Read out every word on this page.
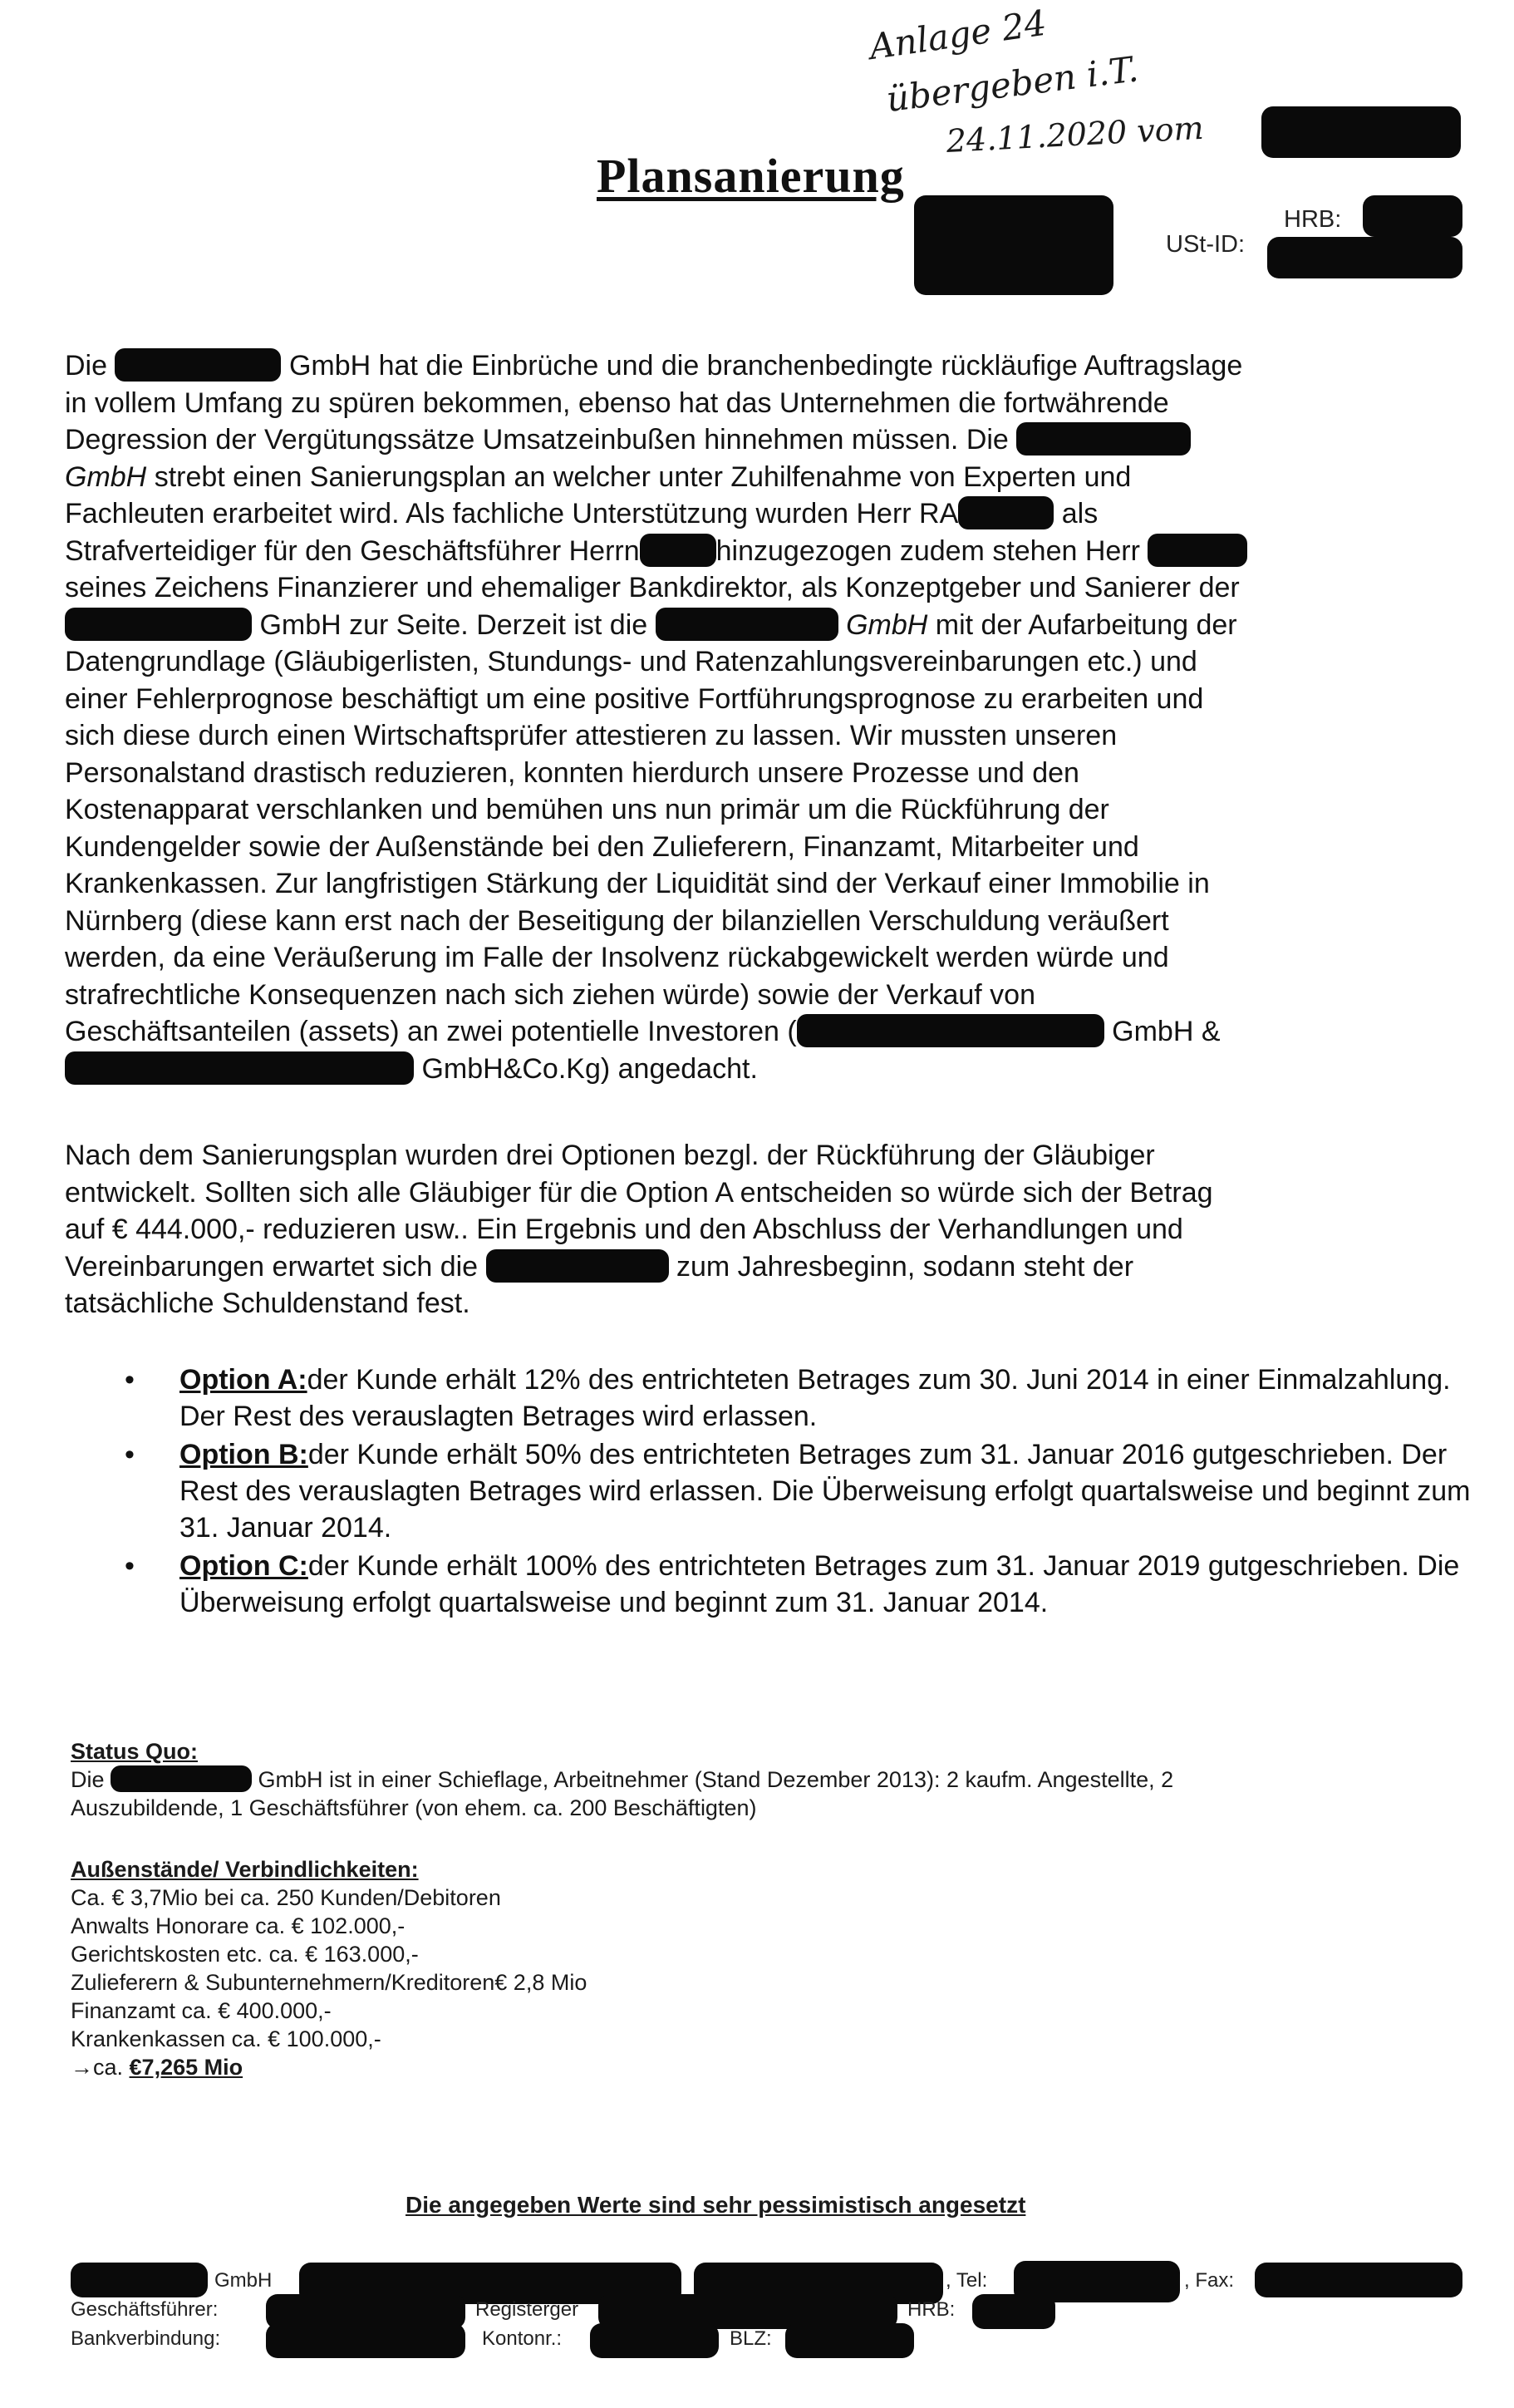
Anlage 24
übergeben i.T.
24.11.2020 vom
Plansanierung
HRB:
USt-ID:

Die	GmbH hat die Einbrüche und die branchenbedingte rückläufige Auftragslage

in vollem Umfang zu spüren bekommen, ebenso hat das Unternehmen die fortwährende

Degression der Vergütungssätze Umsatzeinbußen hinnehmen müssen. Die

GmbH strebt einen Sanierungsplan an welcher unter Zuhilfenahme von Experten und

Fachleuten erarbeitet wird. Als fachliche Unterstützung wurden Herr RA	als

Strafverteidiger für den Geschäftsführer Herrn	hinzugezogen zudem stehen Herr

seines Zeichens Finanzierer und ehemaliger Bankdirektor, als Konzeptgeber und Sanierer der

GmbH zur Seite. Derzeit ist die	GmbH mit der Aufarbeitung der

Datengrundlage (Gläubigerlisten, Stundungs- und Ratenzahlungsvereinbarungen etc.) und

einer Fehlerprognose beschäftigt um eine positive Fortführungsprognose zu erarbeiten und

sich diese durch einen Wirtschaftsprüfer attestieren zu lassen. Wir mussten unseren

Personalstand drastisch reduzieren, konnten hierdurch unsere Prozesse und den

Kostenapparat verschlanken und bemühen uns nun primär um die Rückführung der

Kundengelder sowie der Außenstände bei den Zulieferern, Finanzamt, Mitarbeiter und

Krankenkassen. Zur langfristigen Stärkung der Liquidität sind der Verkauf einer Immobilie in

Nürnberg (diese kann erst nach der Beseitigung der bilanziellen Verschuldung veräußert

werden, da eine Veräußerung im Falle der Insolvenz rückabgewickelt werden würde und

strafrechtliche Konsequenzen nach sich ziehen würde) sowie der Verkauf von

Geschäftsanteilen (assets) an zwei potentielle Investoren (	GmbH &

GmbH&Co.Kg) angedacht.

Nach dem Sanierungsplan wurden drei Optionen bezgl. der Rückführung der Gläubiger

entwickelt. Sollten sich alle Gläubiger für die Option A entscheiden so würde sich der Betrag

auf € 444.000,- reduzieren usw.. Ein Ergebnis und den Abschluss der Verhandlungen und

Vereinbarungen erwartet sich die	zum Jahresbeginn, sodann steht der

tatsächliche Schuldenstand fest.

• Option A:der Kunde erhält 12% des entrichteten Betrages zum 30. Juni 2014 in einer Einmalzahlung. Der Rest des verauslagten Betrages wird erlassen.
• Option B:der Kunde erhält 50% des entrichteten Betrages zum 31. Januar 2016 gutgeschrieben. Der Rest des verauslagten Betrages wird erlassen. Die Überweisung erfolgt quartalsweise und beginnt zum 31. Januar 2014.
• Option C:der Kunde erhält 100% des entrichteten Betrages zum 31. Januar 2019 gutgeschrieben. Die Überweisung erfolgt quartalsweise und beginnt zum 31. Januar 2014.
Status Quo:
Die	GmbH ist in einer Schieflage, Arbeitnehmer (Stand Dezember 2013): 2 kaufm. Angestellte, 2
Auszubildende, 1 Geschäftsführer (von ehem. ca. 200 Beschäftigten)
Außenstände/ Verbindlichkeiten:
Ca. € 3,7Mio bei ca. 250 Kunden/Debitoren
Anwalts Honorare ca. € 102.000,-
Gerichtskosten etc. ca. € 163.000,-
Zulieferern & Subunternehmern/Kreditoren€ 2,8 Mio
Finanzamt ca. € 400.000,-
Krankenkassen ca. € 100.000,-
→ca. €7,265 Mio
Die angegeben Werte sind sehr pessimistisch angesetzt
GmbH	, Tel:	, Fax:
Geschäftsführer:	Registerger	HRB:
Bankverbindung:	Kontonr.:	BLZ:
